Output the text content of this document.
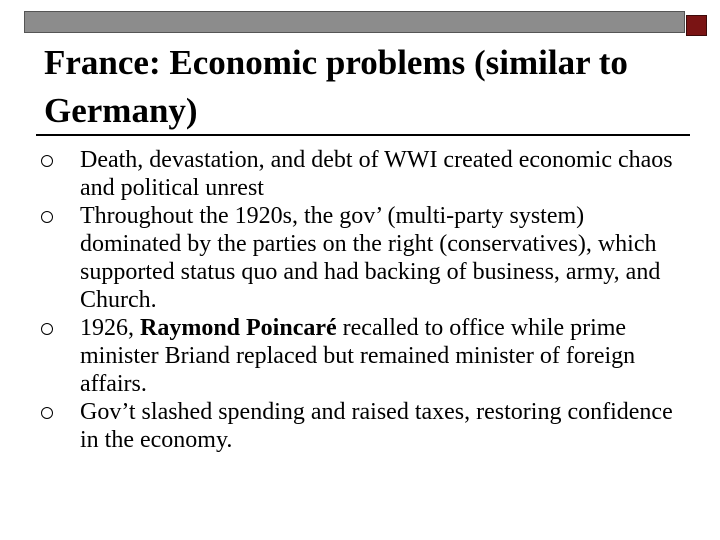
France: Economic problems (similar to Germany)
Death, devastation, and debt of WWI created economic chaos and political unrest
Throughout the 1920s, the gov’ (multi-party system) dominated by the parties on the right (conservatives), which supported status quo and had backing of business, army, and Church.
1926, Raymond Poincaré recalled to office while prime minister Briand replaced but remained minister of foreign affairs.
Gov’t slashed spending and raised taxes, restoring confidence in the economy.
